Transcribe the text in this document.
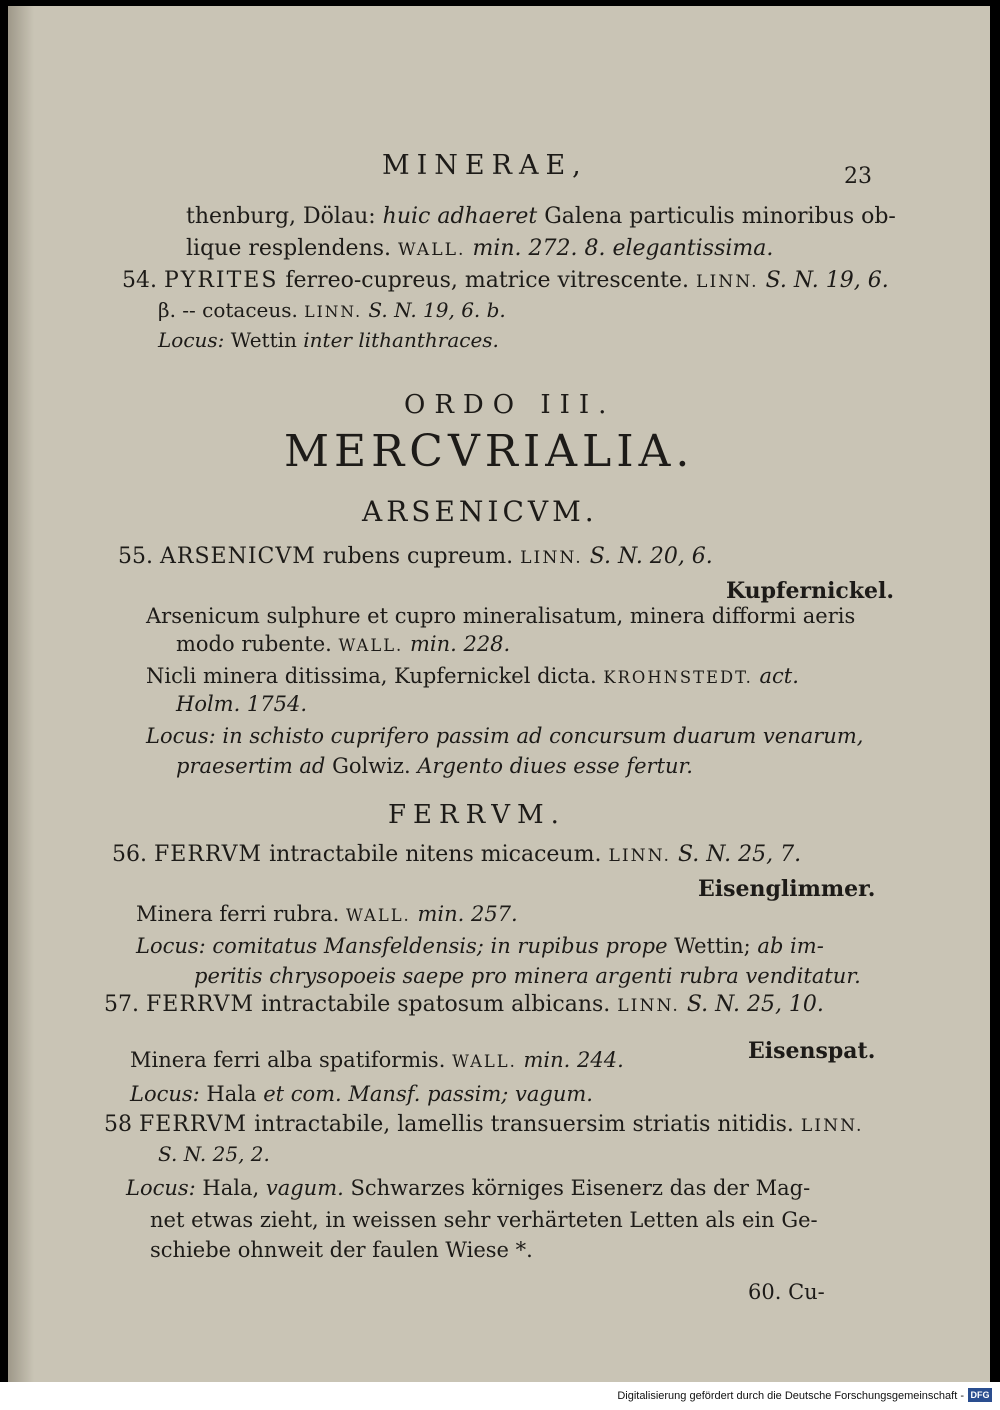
MINERAE,	23
thenburg, Dölau: huic adhaeret Galena particulis minoribus ob-
lique resplendens. WALL. min. 272. 8. elegantissima.
54. PYRITES ferreo-cupreus, matrice vitrescente. LINN. S. N. 19, 6.
β. -- cotaceus. LINN. S. N. 19, 6. b.
Locus: Wettin inter lithanthraces.
ORDO III.
MERCVRIALIA.
ARSENICVM.
55. ARSENICVM rubens cupreum. LINN. S. N. 20, 6.
Kupfernickel.
Arsenicum sulphure et cupro mineralisatum, minera difformi aeris
modo rubente. WALL. min. 228.
Nicli minera ditissima, Kupfernickel dicta. KROHNSTEDT. act.
Holm. 1754.
Locus: in schisto cuprifero passim ad concursum duarum venarum,
praesertim ad Golwiz. Argento diues esse fertur.
FERRVM.
56. FERRVM intractabile nitens micaceum. LINN. S. N. 25, 7.
Eisenglimmer.
Minera ferri rubra. WALL. min. 257.
Locus: comitatus Mansfeldensis; in rupibus prope Wettin; ab im-
peritis chrysopoeis saepe pro minera argenti rubra venditatur.
57. FERRVM intractabile spatosum albicans. LINN. S. N. 25, 10.
Eisenspat.
Minera ferri alba spatiformis. WALL. min. 244.
Locus: Hala et com. Mansf. passim; vagum.
58 FERRVM intractabile, lamellis transuersim striatis nitidis. LINN.
S. N. 25, 2.
Locus: Hala, vagum. Schwarzes körniges Eisenerz das der Mag-
net etwas zieht, in weissen sehr verhärteten Letten als ein Ge-
schiebe ohnweit der faulen Wiese *.
60. Cu-
Digitalisierung gefördert durch die Deutsche Forschungsgemeinschaft - DFG
